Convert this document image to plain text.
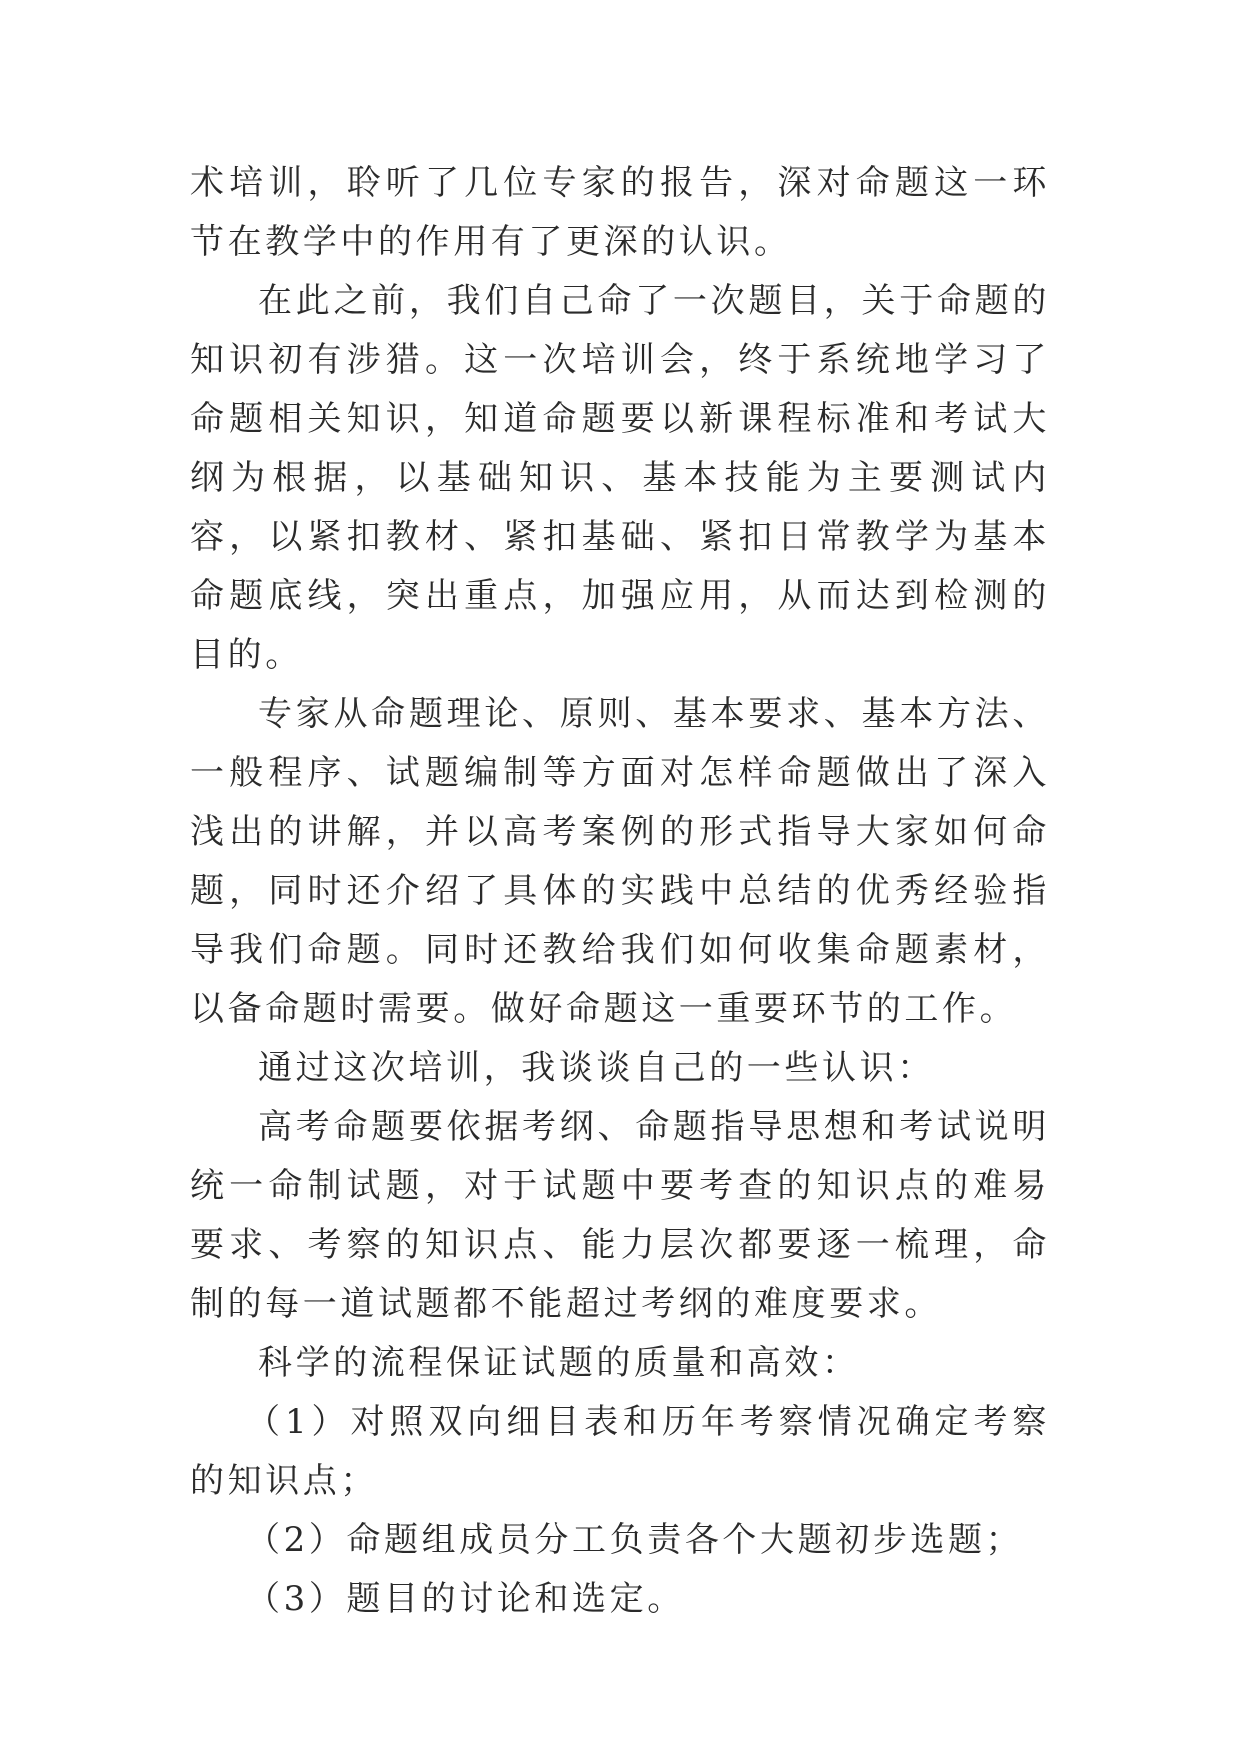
术培训，聆听了几位专家的报告，深对命题这一环节在教学中的作用有了更深的认识。

在此之前，我们自己命了一次题目，关于命题的知识初有涉猎。这一次培训会，终于系统地学习了命题相关知识，知道命题要以新课程标准和考试大纲为根据，以基础知识、基本技能为主要测试内容，以紧扣教材、紧扣基础、紧扣日常教学为基本命题底线，突出重点，加强应用，从而达到检测的目的。

专家从命题理论、原则、基本要求、基本方法、一般程序、试题编制等方面对怎样命题做出了深入浅出的讲解，并以高考案例的形式指导大家如何命题，同时还介绍了具体的实践中总结的优秀经验指导我们命题。同时还教给我们如何收集命题素材，以备命题时需要。做好命题这一重要环节的工作。

通过这次培训，我谈谈自己的一些认识：

高考命题要依据考纲、命题指导思想和考试说明统一命制试题，对于试题中要考查的知识点的难易要求、考察的知识点、能力层次都要逐一梳理，命制的每一道试题都不能超过考纲的难度要求。

科学的流程保证试题的质量和高效：

（1）对照双向细目表和历年考察情况确定考察的知识点；

（2）命题组成员分工负责各个大题初步选题；

（3）题目的讨论和选定。
